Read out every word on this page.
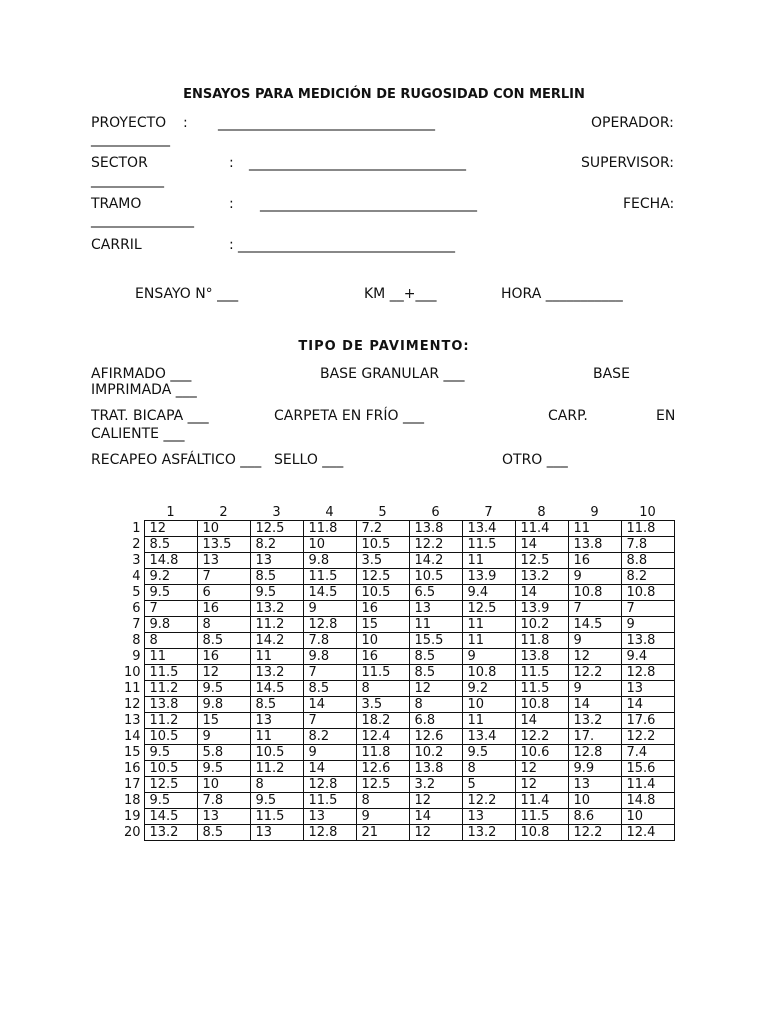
ENSAYOS PARA MEDICIÓN DE RUGOSIDAD CON MERLIN
PROYECTO : ____________________________________	OPERADOR:
_____________
SECTOR	: ____________________________________	SUPERVISOR:
____________
TRAMO	: ____________________________________	FECHA:
_________________
CARRIL	: ____________________________________
ENSAYO N° ___	KM __+___	HORA ___________
TIPO DE PAVIMENTO:
AFIRMADO ___	BASE GRANULAR ___	BASE
IMPRIMADA ___
TRAT. BICAPA ___	CARPETA EN FRÍO ___	CARP.	EN
CALIENTE ___
RECAPEO ASFÁLTICO ___ SELLO ___	OTRO ___
	1	2	3	4	5	6	7	8	9	10
1	12	10	12.5	11.8	7.2	13.8	13.4	11.4	11	11.8
2	8.5	13.5	8.2	10	10.5	12.2	11.5	14	13.8	7.8
3	14.8	13	13	9.8	3.5	14.2	11	12.5	16	8.8
4	9.2	7	8.5	11.5	12.5	10.5	13.9	13.2	9	8.2
5	9.5	6	9.5	14.5	10.5	6.5	9.4	14	10.8	10.8
6	7	16	13.2	9	16	13	12.5	13.9	7	7
7	9.8	8	11.2	12.8	15	11	11	10.2	14.5	9
8	8	8.5	14.2	7.8	10	15.5	11	11.8	9	13.8
9	11	16	11	9.8	16	8.5	9	13.8	12	9.4
10	11.5	12	13.2	7	11.5	8.5	10.8	11.5	12.2	12.8
11	11.2	9.5	14.5	8.5	8	12	9.2	11.5	9	13
12	13.8	9.8	8.5	14	3.5	8	10	10.8	14	14
13	11.2	15	13	7	18.2	6.8	11	14	13.2	17.6
14	10.5	9	11	8.2	12.4	12.6	13.4	12.2	17.	12.2
15	9.5	5.8	10.5	9	11.8	10.2	9.5	10.6	12.8	7.4
16	10.5	9.5	11.2	14	12.6	13.8	8	12	9.9	15.6
17	12.5	10	8	12.8	12.5	3.2	5	12	13	11.4
18	9.5	7.8	9.5	11.5	8	12	12.2	11.4	10	14.8
19	14.5	13	11.5	13	9	14	13	11.5	8.6	10
20	13.2	8.5	13	12.8	21	12	13.2	10.8	12.2	12.4
